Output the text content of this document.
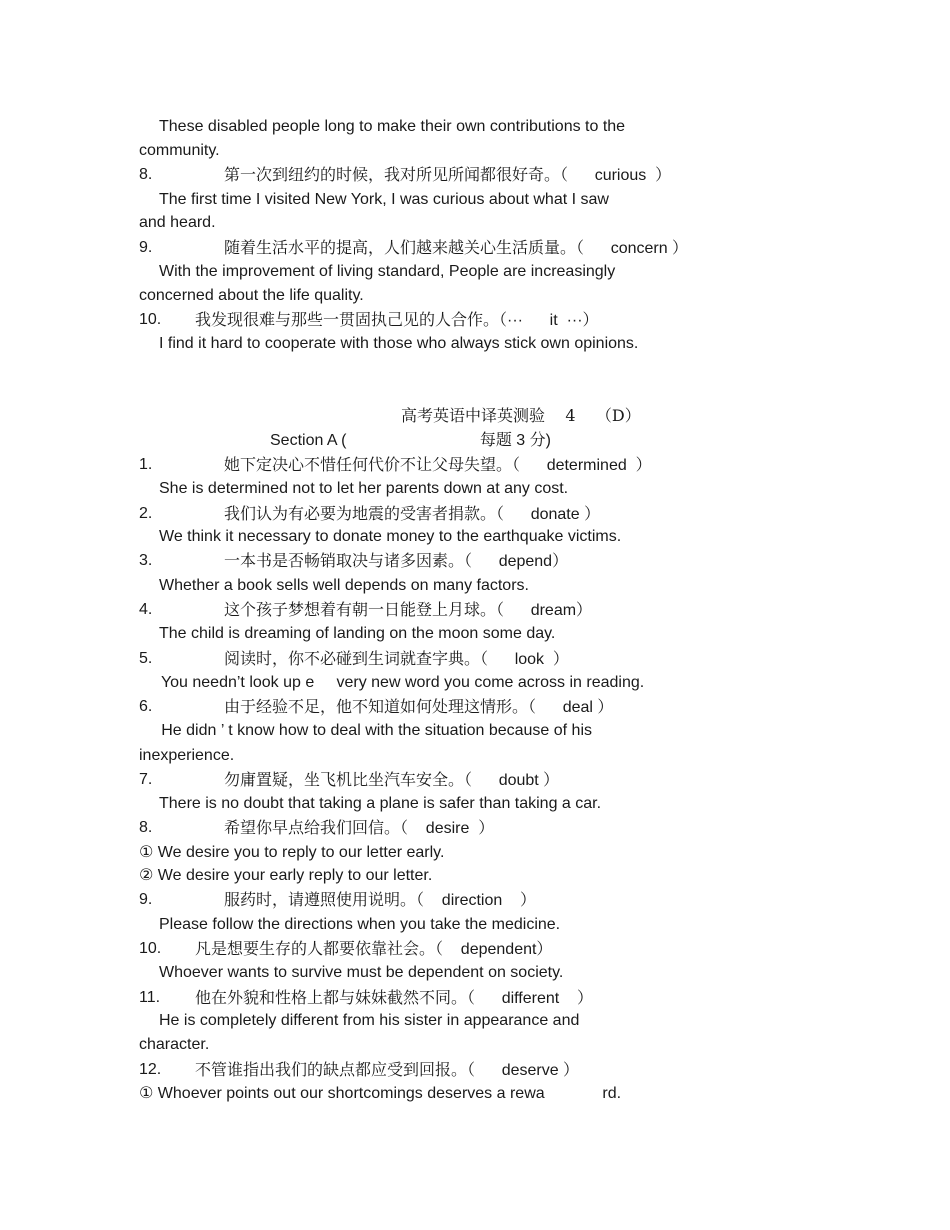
These disabled people long to make their own contributions to the
community.
8.	第一次到纽约的时候，我对所见所闻都很好奇。（      curious  ）
The first time I visited New York, I was curious about what I saw
and heard.
9.	随着生活水平的提高，人们越来越关心生活质量。（      concern ）
With the improvement of living standard, People are increasingly
concerned about the life quality.
10. 我发现很难与那些一贯固执己见的人合作。（···      it  ···）
I find it hard to cooperate with those who always stick own opinions.
高考英语中译英测验    4    （D）
Section A (                              每题 3 分)
1.	她下定决心不惜任何代价不让父母失望。（      determined  ）
She is determined not to let her parents down at any cost.
2.	我们认为有必要为地震的受害者捐款。（      donate ）
We think it necessary to donate money to the earthquake victims.
3.	一本书是否畅销取决与诸多因素。（      depend）
Whether a book sells well depends on many factors.
4.	这个孩子梦想着有朝一日能登上月球。（      dream）
The child is dreaming of landing on the moon some day.
5.	阅读时，你不必碰到生词就查字典。（      look  ）
You needn’t look up e     very new word you come across in reading.
6.	由于经验不足，他不知道如何处理这情形。（      deal ）
He didn ’ t know how to deal with the situation because of his
inexperience.
7.	勿庸置疑，坐飞机比坐汽车安全。（      doubt ）
There is no doubt that taking a plane is safer than taking a car.
8.	希望你早点给我们回信。（    desire  ）
① We desire you to reply to our letter early.
② We desire your early reply to our letter.
9.	服药时，请遵照使用说明。（    direction    ）
Please follow the directions when you take the medicine.
10. 凡是想要生存的人都要依靠社会。（    dependent）
Whoever wants to survive must be dependent on society.
11. 他在外貌和性格上都与妹妹截然不同。（      different    ）
He is completely different from his sister in appearance and
character.
12. 不管谁指出我们的缺点都应受到回报。（      deserve ）
① Whoever points out our shortcomings deserves a rewa             rd.
